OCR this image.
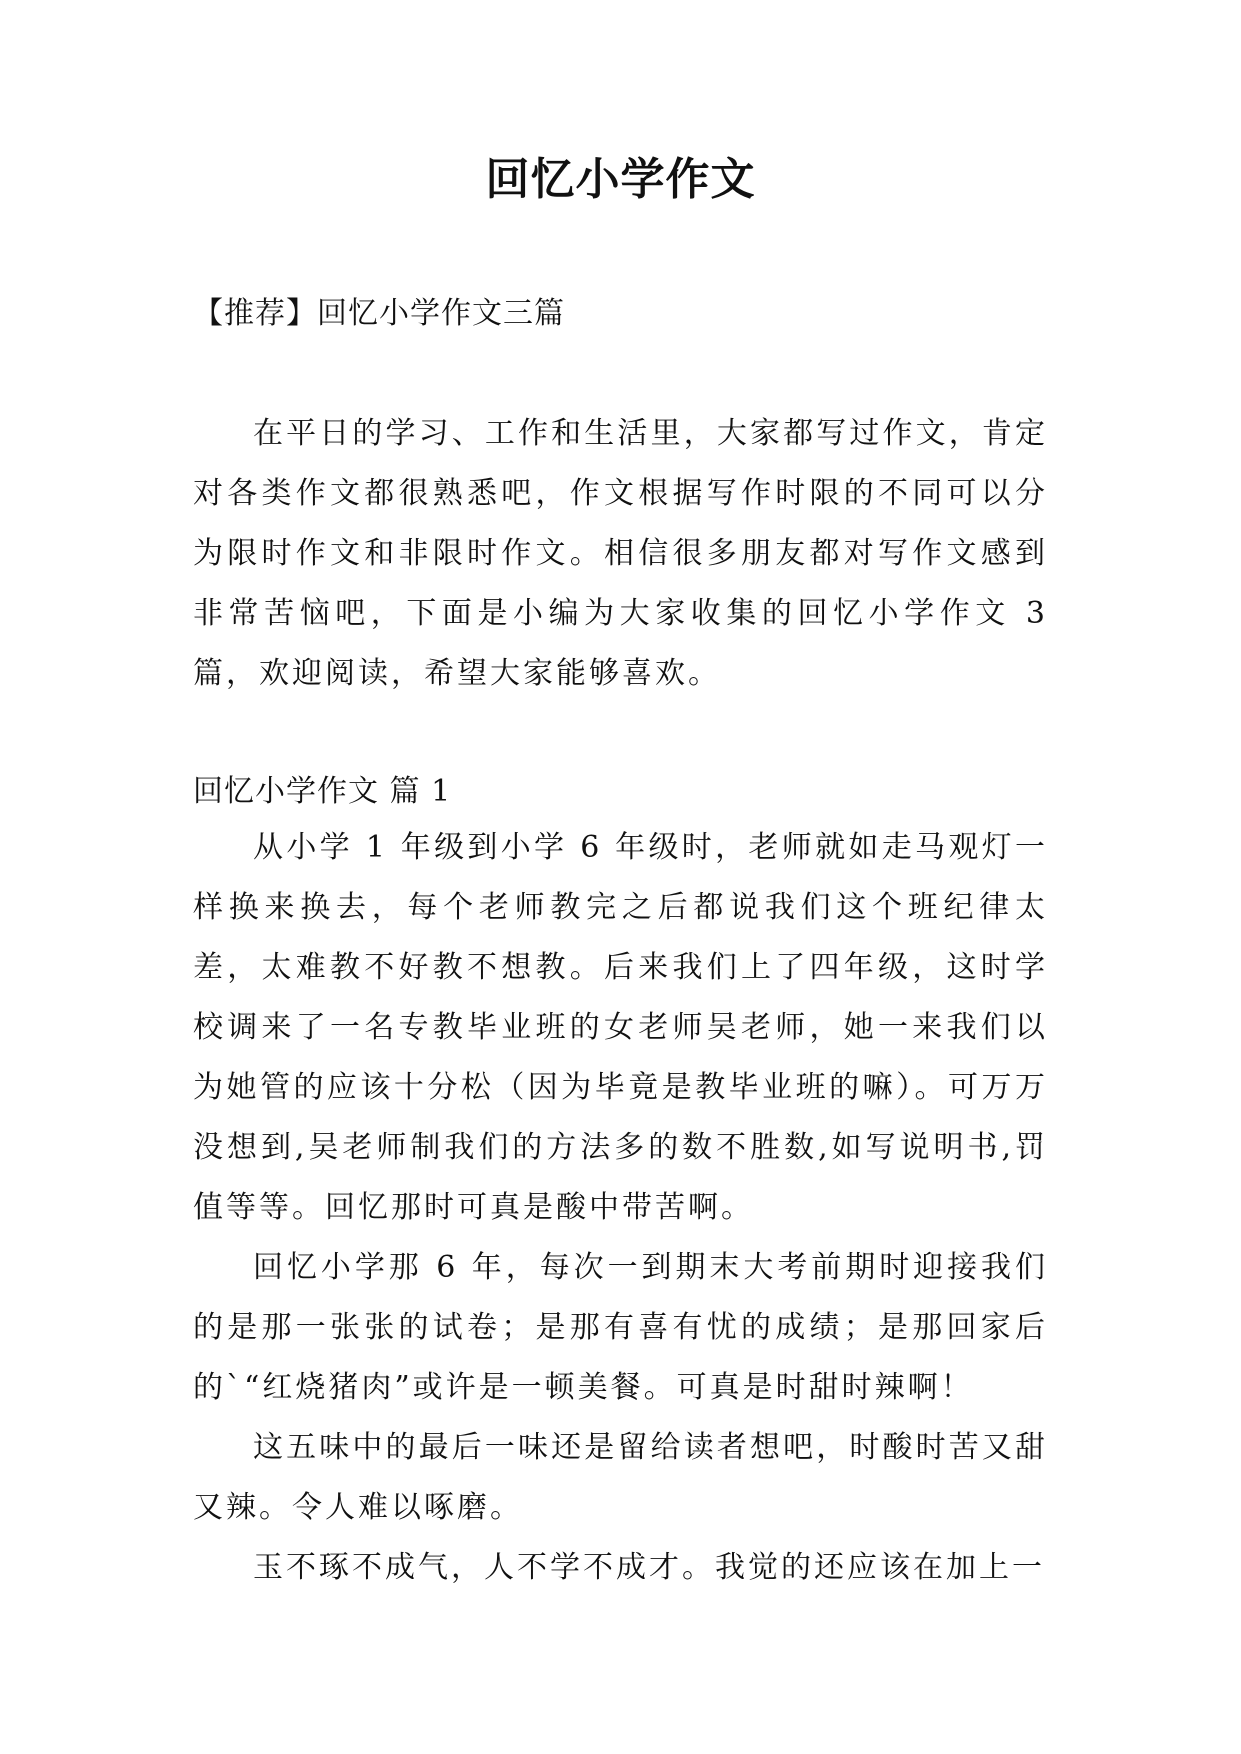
回忆小学作文
【推荐】回忆小学作文三篇

在平日的学习、工作和生活里，大家都写过作文，肯定对各类作文都很熟悉吧，作文根据写作时限的不同可以分为限时作文和非限时作文。相信很多朋友都对写作文感到非常苦恼吧，下面是小编为大家收集的回忆小学作文 3 篇，欢迎阅读，希望大家能够喜欢。

回忆小学作文 篇 1

从小学 1 年级到小学 6 年级时，老师就如走马观灯一样换来换去，每个老师教完之后都说我们这个班纪律太差，太难教不好教不想教。后来我们上了四年级，这时学校调来了一名专教毕业班的女老师吴老师，她一来我们以为她管的应该十分松（因为毕竟是教毕业班的嘛）。可万万没想到,吴老师制我们的方法多的数不胜数,如写说明书,罚值等等。回忆那时可真是酸中带苦啊。

回忆小学那 6 年，每次一到期末大考前期时迎接我们的是那一张张的试卷；是那有喜有忧的成绩；是那回家后的`“红烧猪肉”或许是一顿美餐。可真是时甜时辣啊！

这五味中的最后一味还是留给读者想吧，时酸时苦又甜又辣。令人难以啄磨。

玉不琢不成气，人不学不成才。我觉的还应该在加上一
